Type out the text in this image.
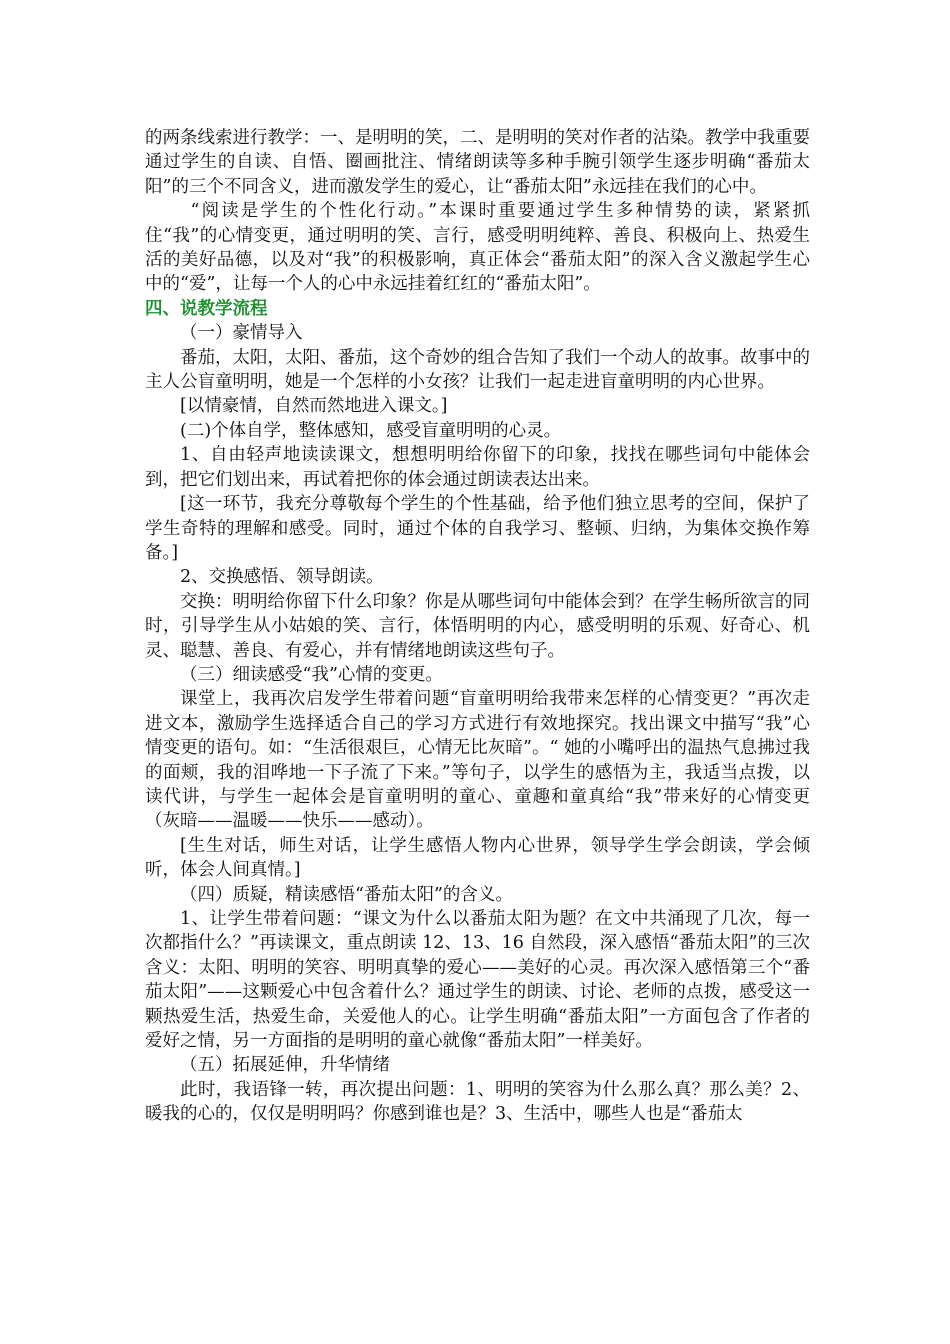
的两条线索进行教学：一、是明明的笑，二、是明明的笑对作者的沾染。教学中我重要通过学生的自读、自悟、圈画批注、情绪朗读等多种手腕引领学生逐步明确“番茄太阳”的三个不同含义，进而激发学生的爱心，让“番茄太阳”永远挂在我们的心中。

“阅读是学生的个性化行动。”本课时重要通过学生多种情势的读，紧紧抓住“我”的心情变更，通过明明的笑、言行，感受明明纯粹、善良、积极向上、热爱生活的美好品德，以及对“我”的积极影响，真正体会“番茄太阳”的深入含义激起学生心中的“爱”，让每一个人的心中永远挂着红红的“番茄太阳”。

四、说教学流程

（一）豪情导入

番茄，太阳，太阳、番茄，这个奇妙的组合告知了我们一个动人的故事。故事中的主人公盲童明明，她是一个怎样的小女孩？让我们一起走进盲童明明的内心世界。

[以情豪情，自然而然地进入课文。]

(二)个体自学，整体感知，感受盲童明明的心灵。

1、自由轻声地读读课文，想想明明给你留下的印象，找找在哪些词句中能体会到，把它们划出来，再试着把你的体会通过朗读表达出来。

[这一环节，我充分尊敬每个学生的个性基础，给予他们独立思考的空间，保护了学生奇特的理解和感受。同时，通过个体的自我学习、整顿、归纳，为集体交换作筹备。]

2、交换感悟、领导朗读。

交换：明明给你留下什么印象？你是从哪些词句中能体会到？在学生畅所欲言的同时，引导学生从小姑娘的笑、言行，体悟明明的内心，感受明明的乐观、好奇心、机灵、聪慧、善良、有爱心，并有情绪地朗读这些句子。

（三）细读感受“我”心情的变更。

课堂上，我再次启发学生带着问题“盲童明明给我带来怎样的心情变更？”再次走进文本，激励学生选择适合自己的学习方式进行有效地探究。找出课文中描写“我”心情变更的语句。如：“生活很艰巨，心情无比灰暗”。“ 她的小嘴呼出的温热气息拂过我的面颊，我的泪哗地一下子流了下来。”等句子，以学生的感悟为主，我适当点拨，以读代讲，与学生一起体会是盲童明明的童心、童趣和童真给“我”带来好的心情变更（灰暗——温暖——快乐——感动）。

[生生对话，师生对话，让学生感悟人物内心世界，领导学生学会朗读，学会倾听，体会人间真情。]

（四）质疑，精读感悟“番茄太阳”的含义。

1、让学生带着问题：“课文为什么以番茄太阳为题？在文中共涌现了几次，每一次都指什么？”再读课文，重点朗读 12、13、16 自然段，深入感悟“番茄太阳”的三次含义：太阳、明明的笑容、明明真挚的爱心——美好的心灵。再次深入感悟第三个“番茄太阳”——这颗爱心中包含着什么？通过学生的朗读、讨论、老师的点拨，感受这一颗热爱生活，热爱生命，关爱他人的心。让学生明确“番茄太阳”一方面包含了作者的爱好之情，另一方面指的是明明的童心就像“番茄太阳”一样美好。

（五）拓展延伸，升华情绪

此时，我语锋一转，再次提出问题：1、明明的笑容为什么那么真？那么美？2、暖我的心的，仅仅是明明吗？你感到谁也是？3、生活中，哪些人也是“番茄太
